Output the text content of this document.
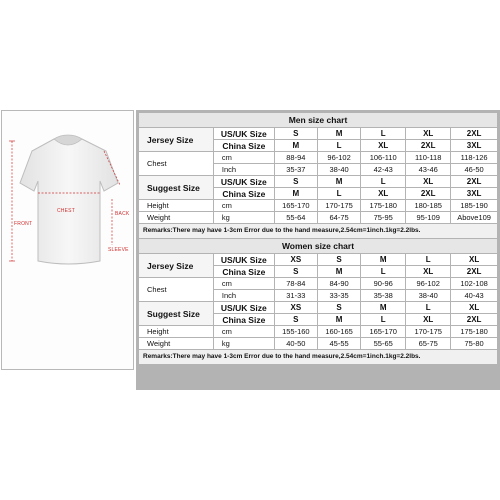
BACK
CHEST
FRONT
SLEEVE
Men size chart						
Jersey Size	US/UK Size	S	M	L	XL	2XL
	China Size	M	L	XL	2XL	3XL
Chest	cm	88-94	96-102	106-110	110-118	118-126
	Inch	35-37	38-40	42-43	43-46	46-50
Suggest Size	US/UK Size	S	M	L	XL	2XL
	China Size	M	L	XL	2XL	3XL
Height	cm	165-170	170-175	175-180	180-185	185-190
Weight	kg	55-64	64-75	75-95	95-109	Above109
Remarks:There may have 1-3cm Error due to the hand measure,2.54cm=1inch.1kg=2.2lbs.						
Women size chart						
Jersey Size	US/UK Size	XS	S	M	L	XL
	China Size	S	M	L	XL	2XL
Chest	cm	78-84	84-90	90-96	96-102	102-108
	Inch	31-33	33-35	35-38	38-40	40-43
Suggest Size	US/UK Size	XS	S	M	L	XL
	China Size	S	M	L	XL	2XL
Height	cm	155-160	160-165	165-170	170-175	175-180
Weight	kg	40-50	45-55	55-65	65-75	75-80
Remarks:There may have 1-3cm Error due to the hand measure,2.54cm=1inch.1kg=2.2lbs.						
